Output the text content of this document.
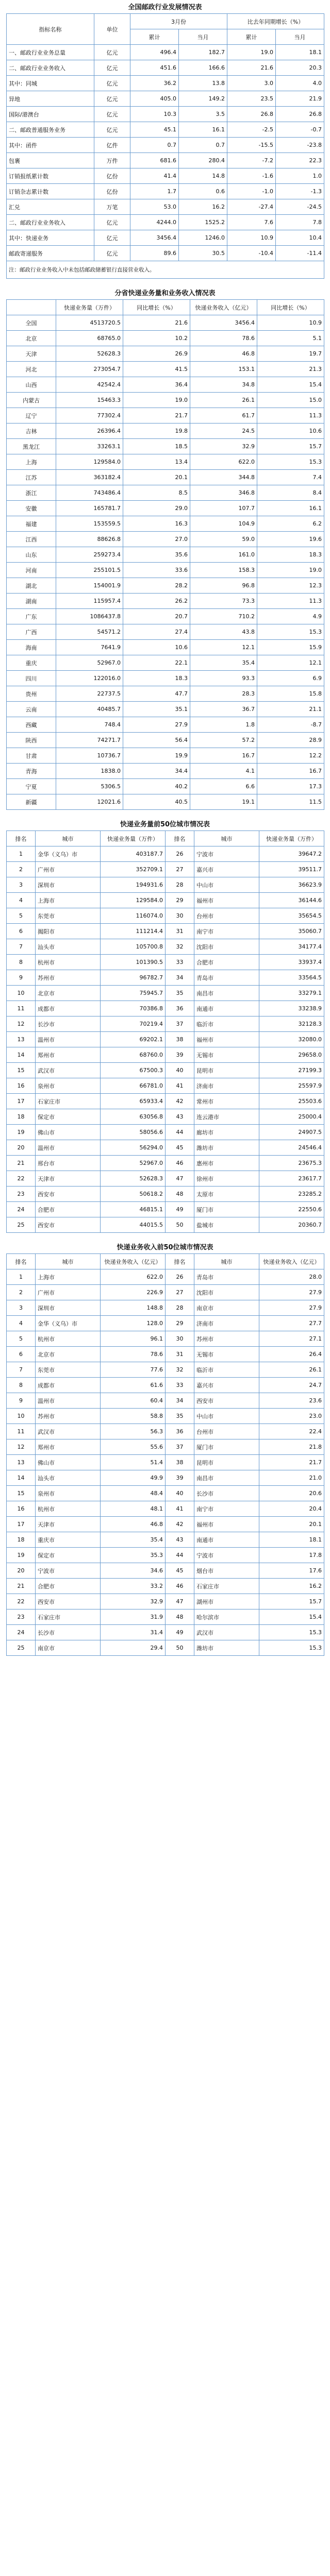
全国邮政行业发展情况表
指标名称	单位	3月份		比去年同期增长（%）	
		累计	当月	累计	当月
一、邮政行业业务总量	亿元	496.4	182.7	19.0	18.1
二、邮政行业业务收入	亿元	451.6	166.6	21.6	20.3
其中：同城	亿元	36.2	13.8	3.0	4.0
异地	亿元	405.0	149.2	23.5	21.9
国际/港澳台	亿元	10.3	3.5	26.8	26.8
二、邮政普通服务业务	亿元	45.1	16.1	-2.5	-0.7
其中：函件	亿件	0.7	0.7	-15.5	-23.8
包裹	万件	681.6	280.4	-7.2	22.3
订销报纸累计数	亿份	41.4	14.8	-1.6	1.0
订销杂志累计数	亿份	1.7	0.6	-1.0	-1.3
汇兑	万笔	53.0	16.2	-27.4	-24.5
二、邮政行业业务收入	亿元	4244.0	1525.2	7.6	7.8
其中：快递业务	亿元	3456.4	1246.0	10.9	10.4
邮政寄递服务	亿元	89.6	30.5	-10.4	-11.4
注：邮政行业业务收入中未包括邮政储蓄银行直接营业收入。					
分省快递业务量和业务收入情况表
	快递业务量（万件）	同比增长（%）	快递业务收入（亿元）	同比增长（%）
全国	4513720.5	21.6	3456.4	10.9
北京	68765.0	10.2	78.6	5.1
天津	52628.3	26.9	46.8	19.7
河北	273054.7	41.5	153.1	21.3
山西	42542.4	36.4	34.8	15.4
内蒙古	15463.3	19.0	26.1	15.0
辽宁	77302.4	21.7	61.7	11.3
吉林	26396.4	19.8	24.5	10.6
黑龙江	33263.1	18.5	32.9	15.7
上海	129584.0	13.4	622.0	15.3
江苏	363182.4	20.1	344.8	7.4
浙江	743486.4	8.5	346.8	8.4
安徽	165781.7	29.0	107.7	16.1
福建	153559.5	16.3	104.9	6.2
江西	88626.8	27.0	59.0	19.6
山东	259273.4	35.6	161.0	18.3
河南	255101.5	33.6	158.3	19.0
湖北	154001.9	28.2	96.8	12.3
湖南	115957.4	26.2	73.3	11.3
广东	1086437.8	20.7	710.2	4.9
广西	54571.2	27.4	43.8	15.3
海南	7641.9	10.6	12.1	15.9
重庆	52967.0	22.1	35.4	12.1
四川	122016.0	18.3	93.3	6.9
贵州	22737.5	47.7	28.3	15.8
云南	40485.7	35.1	36.7	21.1
西藏	748.4	27.9	1.8	-8.7
陕西	74271.7	56.4	57.2	28.9
甘肃	10736.7	19.9	16.7	12.2
青海	1838.0	34.4	4.1	16.7
宁夏	5306.5	40.2	6.6	17.3
新疆	12021.6	40.5	19.1	11.5
快递业务量前50位城市情况表
排名	城市	快递业务量（万件）	排名	城市	快递业务量（万件）
1	金华（义乌）市	403187.7	26	宁波市	39647.2
2	广州市	352709.1	27	嘉兴市	39511.7
3	深圳市	194931.6	28	中山市	36623.9
4	上海市	129584.0	29	福州市	36144.6
5	东莞市	116074.0	30	台州市	35654.5
6	揭阳市	111214.4	31	南宁市	35060.7
7	汕头市	105700.8	32	沈阳市	34177.4
8	杭州市	101390.5	33	合肥市	33937.4
9	苏州市	96782.7	34	青岛市	33564.5
10	北京市	75945.7	35	南昌市	33279.1
11	成都市	70386.8	36	南通市	33238.9
12	长沙市	70219.4	37	临沂市	32128.3
13	温州市	69202.1	38	福州市	32080.0
14	郑州市	68760.0	39	无锡市	29658.0
15	武汉市	67500.3	40	昆明市	27199.3
16	泉州市	66781.0	41	济南市	25597.9
17	石家庄市	65933.4	42	常州市	25503.6
18	保定市	63056.8	43	连云港市	25000.4
19	佛山市	58056.6	44	廊坊市	24907.5
20	温州市	56294.0	45	潍坊市	24546.4
21	邢台市	52967.0	46	惠州市	23675.3
22	天津市	52628.3	47	徐州市	23617.7
23	西安市	50618.2	48	太原市	23285.2
24	合肥市	46815.1	49	厦门市	22550.6
25	西安市	44015.5	50	盐城市	20360.7
快递业务收入前50位城市情况表
排名	城市	快递业务收入（亿元）	排名	城市	快递业务收入（亿元）
1	上海市	622.0	26	青岛市	28.0
2	广州市	226.9	27	沈阳市	27.9
3	深圳市	148.8	28	南京市	27.9
4	金华（义乌）市	128.0	29	济南市	27.7
5	杭州市	96.1	30	苏州市	27.1
6	北京市	78.6	31	无锡市	26.4
7	东莞市	77.6	32	临沂市	26.1
8	成都市	61.6	33	嘉兴市	24.7
9	温州市	60.4	34	西安市	23.6
10	苏州市	58.8	35	中山市	23.0
11	武汉市	56.3	36	台州市	22.4
12	郑州市	55.6	37	厦门市	21.8
13	佛山市	51.4	38	昆明市	21.7
14	汕头市	49.9	39	南昌市	21.0
15	泉州市	48.4	40	长沙市	20.6
16	杭州市	48.1	41	南宁市	20.4
17	天津市	46.8	42	福州市	20.1
18	重庆市	35.4	43	南通市	18.1
19	保定市	35.3	44	宁波市	17.8
20	宁波市	34.6	45	烟台市	17.6
21	合肥市	33.2	46	石家庄市	16.2
22	西安市	32.9	47	湖州市	15.7
23	石家庄市	31.9	48	哈尔滨市	15.4
24	长沙市	31.4	49	武汉市	15.3
25	南京市	29.4	50	潍坊市	15.3
